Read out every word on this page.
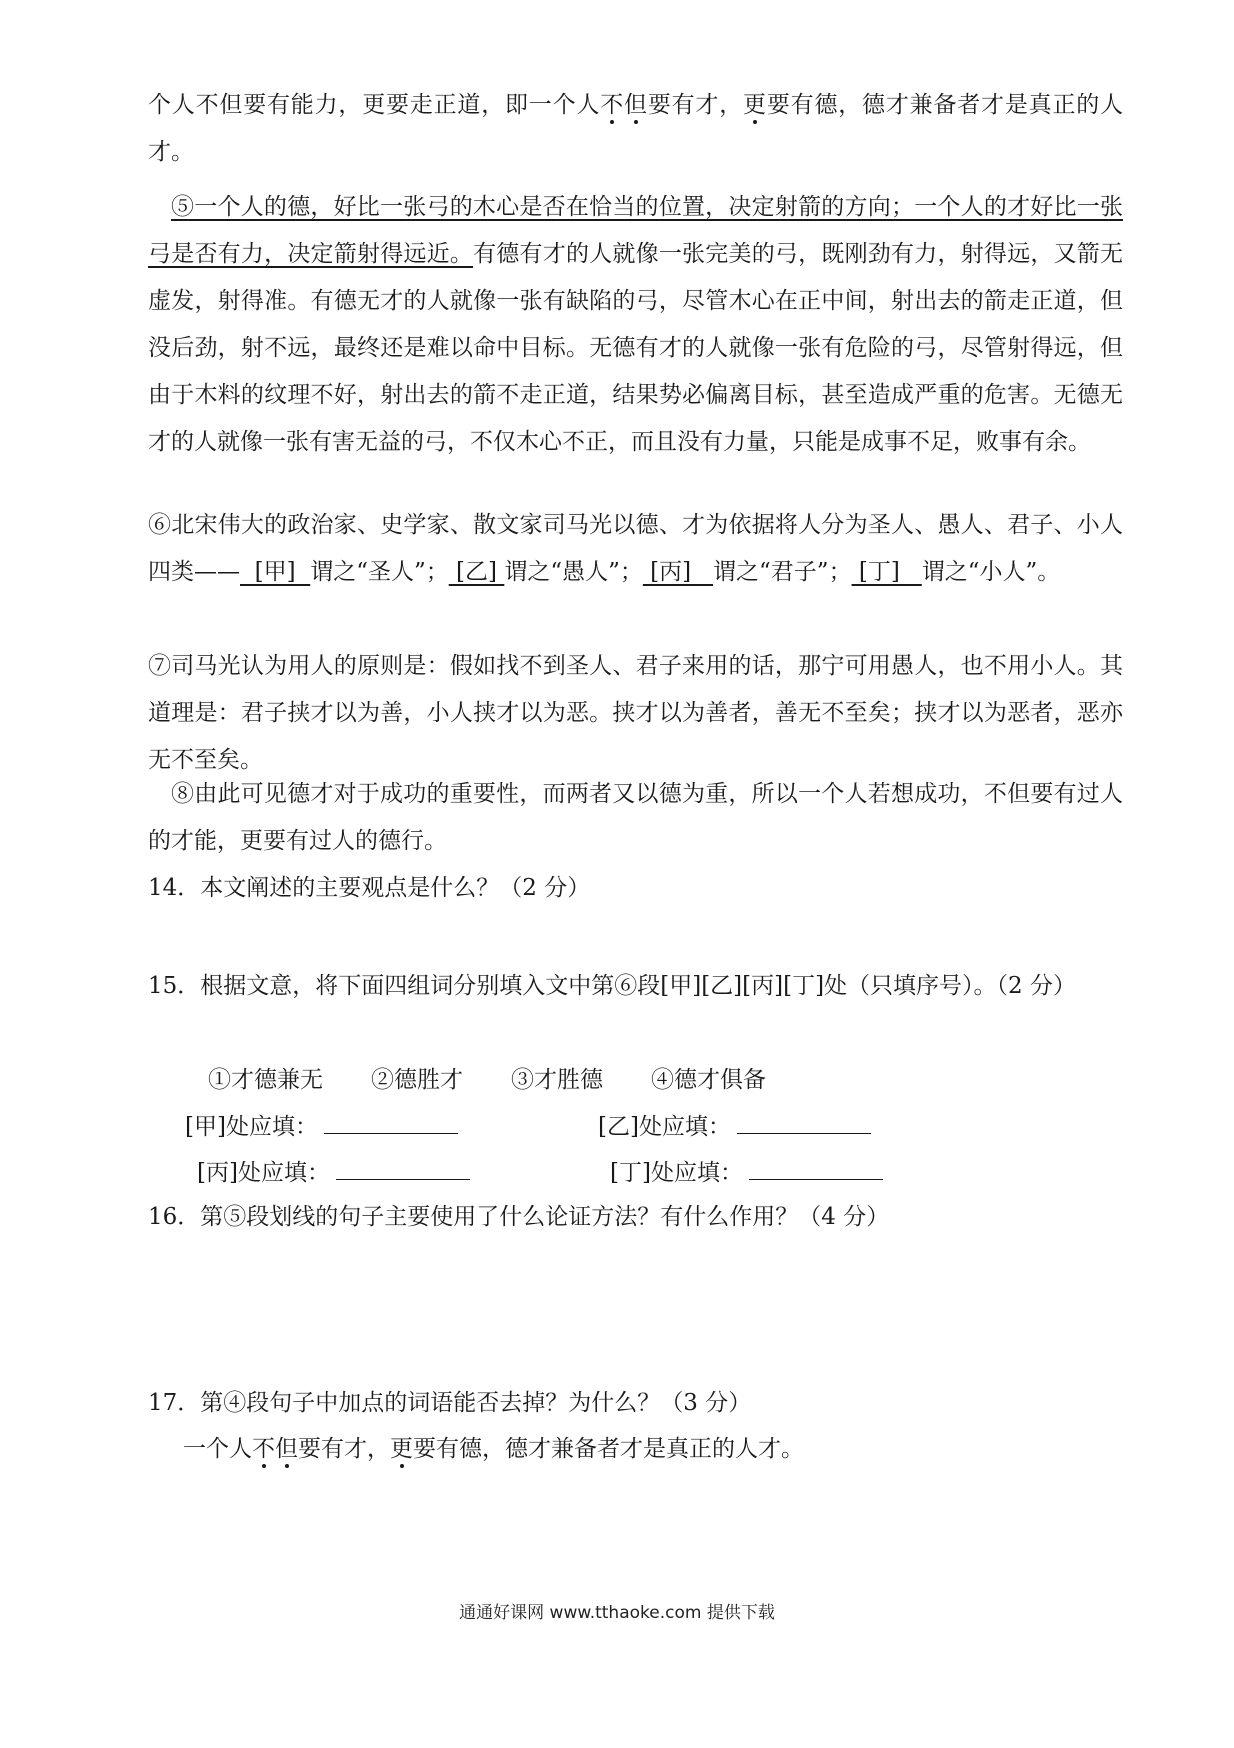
个人不但要有能力，更要走正道，即一个人不但要有才，更要有德，德才兼备者才是真正的人才。

⑤一个人的德，好比一张弓的木心是否在恰当的位置，决定射箭的方向；一个人的才好比一张弓是否有力，决定箭射得远近。有德有才的人就像一张完美的弓，既刚劲有力，射得远，又箭无虚发，射得准。有德无才的人就像一张有缺陷的弓，尽管木心在正中间，射出去的箭走正道，但没后劲，射不远，最终还是难以命中目标。无德有才的人就像一张有危险的弓，尽管射得远，但由于木料的纹理不好，射出去的箭不走正道，结果势必偏离目标，甚至造成严重的危害。无德无才的人就像一张有害无益的弓，不仅木心不正，而且没有力量，只能是成事不足，败事有余。

⑥北宋伟大的政治家、史学家、散文家司马光以德、才为依据将人分为圣人、愚人、君子、小人四类——  [甲]  谓之“圣人”； [乙] 谓之“愚人”； [丙]   谓之“君子”； [丁]   谓之“小人”。

⑦司马光认为用人的原则是：假如找不到圣人、君子来用的话，那宁可用愚人，也不用小人。其道理是：君子挟才以为善，小人挟才以为恶。挟才以为善者，善无不至矣；挟才以为恶者，恶亦无不至矣。

⑧由此可见德才对于成功的重要性，而两者又以德为重，所以一个人若想成功，不但要有过人的才能，更要有过人的德行。

14．本文阐述的主要观点是什么？（2 分）

15．根据文意，将下面四组词分别填入文中第⑥段[甲][乙][丙][丁]处（只填序号）。（2 分）

①才德兼无 ②德胜才 ③才胜德 ④德才俱备
[甲]处应填：	[乙]处应填：
[丙]处应填：	[丁]处应填：

16．第⑤段划线的句子主要使用了什么论证方法？有什么作用？（4 分）

17．第④段句子中加点的词语能否去掉？为什么？（3 分）

一个人不但要有才，更要有德，德才兼备者才是真正的人才。

通通好课网 www.tthaoke.com 提供下载
